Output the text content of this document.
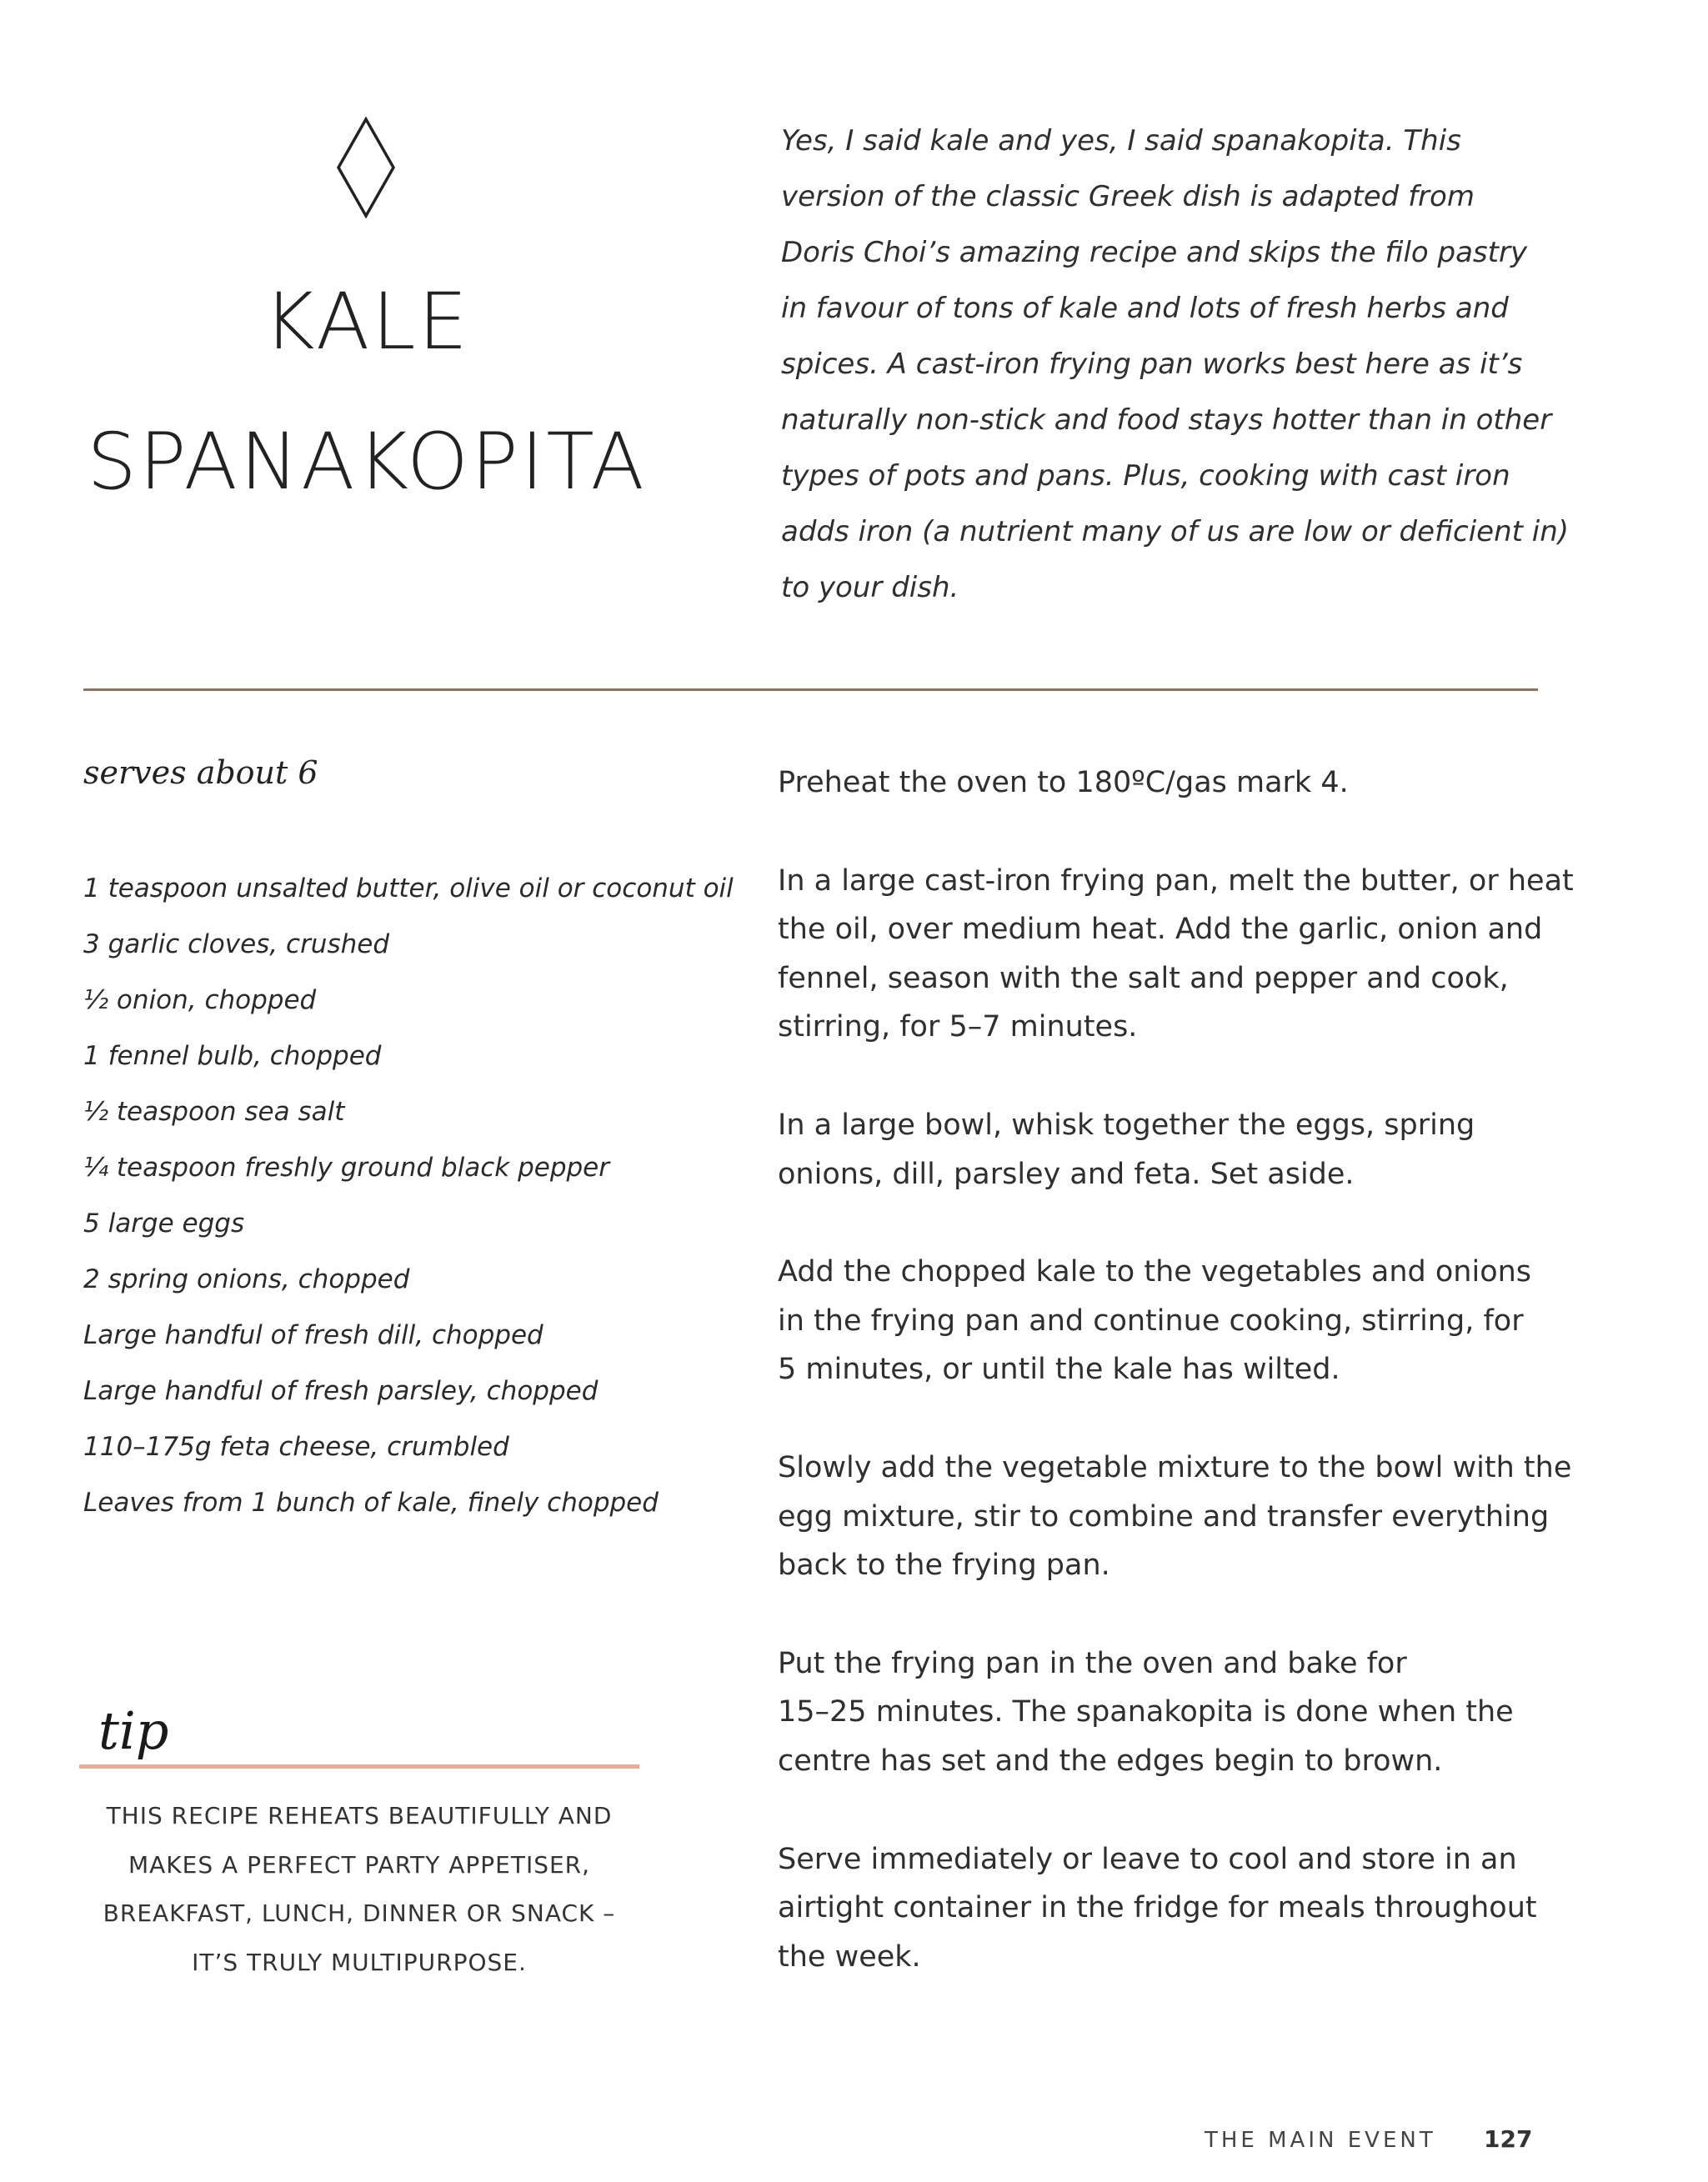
KALE
SPANAKOPITA
Yes, I said kale and yes, I said spanakopita. This
version of the classic Greek dish is adapted from
Doris Choi’s amazing recipe and skips the filo pastry
in favour of tons of kale and lots of fresh herbs and
spices. A cast-iron frying pan works best here as it’s
naturally non-stick and food stays hotter than in other
types of pots and pans. Plus, cooking with cast iron
adds iron (a nutrient many of us are low or deficient in)
to your dish.
serves about 6
1 teaspoon unsalted butter, olive oil or coconut oil
3 garlic cloves, crushed
½ onion, chopped
1 fennel bulb, chopped
½ teaspoon sea salt
¼ teaspoon freshly ground black pepper
5 large eggs
2 spring onions, chopped
Large handful of fresh dill, chopped
Large handful of fresh parsley, chopped
110–175g feta cheese, crumbled
Leaves from 1 bunch of kale, finely chopped
Preheat the oven to 180ºC/gas mark 4.
In a large cast-iron frying pan, melt the butter, or heat
the oil, over medium heat. Add the garlic, onion and
fennel, season with the salt and pepper and cook,
stirring, for 5–7 minutes.
In a large bowl, whisk together the eggs, spring
onions, dill, parsley and feta. Set aside.
Add the chopped kale to the vegetables and onions
in the frying pan and continue cooking, stirring, for
5 minutes, or until the kale has wilted.
Slowly add the vegetable mixture to the bowl with the
egg mixture, stir to combine and transfer everything
back to the frying pan.
Put the frying pan in the oven and bake for
15–25 minutes. The spanakopita is done when the
centre has set and the edges begin to brown.
Serve immediately or leave to cool and store in an
airtight container in the fridge for meals throughout
the week.
tip
THIS RECIPE REHEATS BEAUTIFULLY AND
MAKES A PERFECT PARTY APPETISER,
BREAKFAST, LUNCH, DINNER OR SNACK –
IT’S TRULY MULTIPURPOSE.
THE MAIN EVENT 127
